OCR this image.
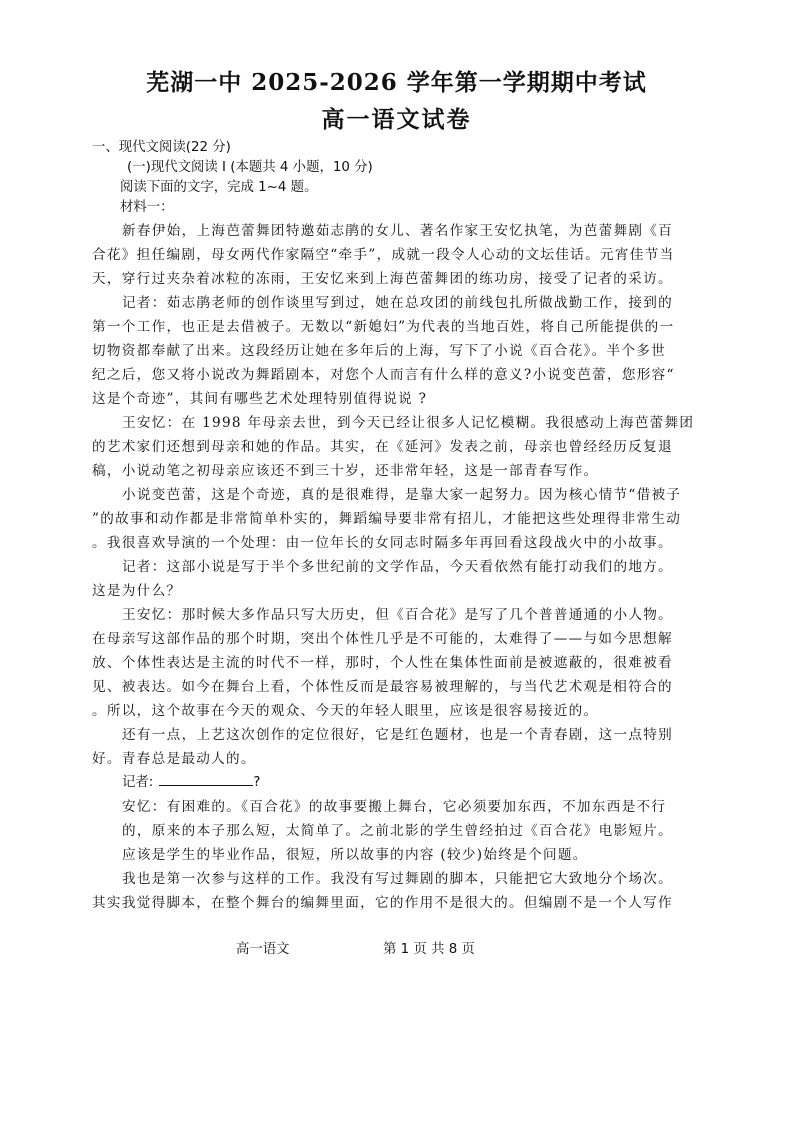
芜湖一中 2025-2026 学年第一学期期中考试
高一语文试卷
一、现代文阅读(22 分)
(一)现代文阅读 I (本题共 4 小题，10 分)
阅读下面的文字，完成 1~4 题。
材料一：
新春伊始，上海芭蕾舞团特邀茹志鹃的女儿、著名作家王安忆执笔，为芭蕾舞剧《百
合花》担任编剧，母女两代作家隔空“牵手”，成就一段令人心动的文坛佳话。元宵佳节当
天，穿行过夹杂着冰粒的冻雨，王安忆来到上海芭蕾舞团的练功房，接受了记者的采访。
记者：茹志鹃老师的创作谈里写到过，她在总攻团的前线包扎所做战勤工作，接到的
第一个工作，也正是去借被子。无数以“新媳妇”为代表的当地百姓，将自己所能提供的一
切物资都奉献了出来。这段经历让她在多年后的上海，写下了小说《百合花》。半个多世
纪之后，您又将小说改为舞蹈剧本，对您个人而言有什么样的意义?小说变芭蕾，您形容“
这是个奇迹”，其间有哪些艺术处理特别值得说说 ?
王安忆：在 1998 年母亲去世，到今天已经让很多人记忆模糊。我很感动上海芭蕾舞团
的艺术家们还想到母亲和她的作品。其实，在《延河》发表之前，母亲也曾经经历反复退
稿，小说动笔之初母亲应该还不到三十岁，还非常年轻，这是一部青春写作。
小说变芭蕾，这是个奇迹，真的是很难得，是靠大家一起努力。因为核心情节“借被子
”的故事和动作都是非常简单朴实的，舞蹈编导要非常有招儿，才能把这些处理得非常生动
。我很喜欢导演的一个处理：由一位年长的女同志时隔多年再回看这段战火中的小故事。
记者：这部小说是写于半个多世纪前的文学作品，今天看依然有能打动我们的地方。
这是为什么？
王安忆：那时候大多作品只写大历史，但《百合花》是写了几个普普通通的小人物。
在母亲写这部作品的那个时期，突出个体性几乎是不可能的，太难得了——与如今思想解
放、个体性表达是主流的时代不一样，那时，个人性在集体性面前是被遮蔽的，很难被看
见、被表达。如今在舞台上看，个体性反而是最容易被理解的，与当代艺术观是相符合的
。所以，这个故事在今天的观众、今天的年轻人眼里，应该是很容易接近的。
还有一点，上艺这次创作的定位很好，它是红色题材，也是一个青春剧，这一点特别
好。青春总是最动人的。
记者:	?
安忆：有困难的。《百合花》的故事要搬上舞台，它必须要加东西，不加东西是不行
的，原来的本子那么短，太简单了。之前北影的学生曾经拍过《百合花》电影短片。
应该是学生的毕业作品，很短，所以故事的内容 (较少)始终是个问题。
我也是第一次参与这样的工作。我没有写过舞剧的脚本，只能把它大致地分个场次。
其实我觉得脚本，在整个舞台的编舞里面，它的作用不是很大的。但编剧不是一个人写作
高一语文	第 1 页 共 8 页
